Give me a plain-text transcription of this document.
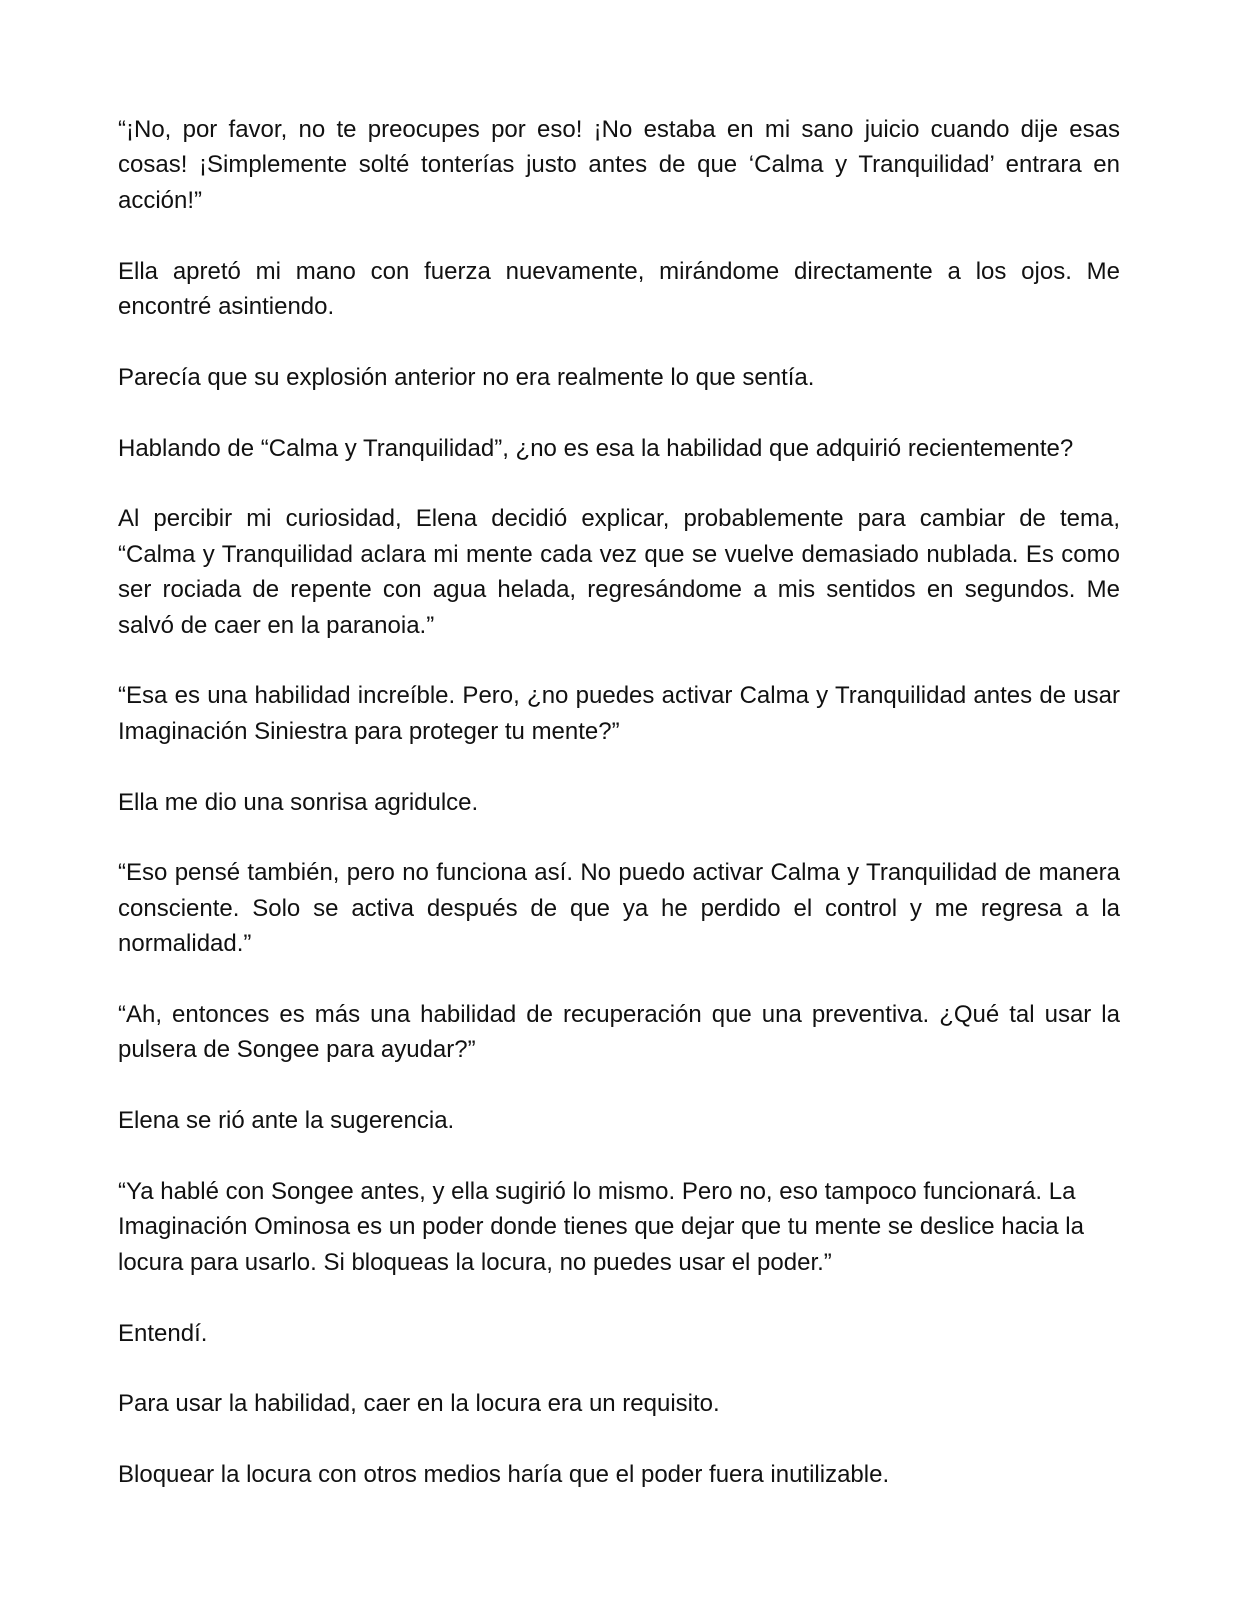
“¡No, por favor, no te preocupes por eso! ¡No estaba en mi sano juicio cuando dije esas cosas! ¡Simplemente solté tonterías justo antes de que ‘Calma y Tranquilidad’ entrara en acción!”

Ella apretó mi mano con fuerza nuevamente, mirándome directamente a los ojos. Me encontré asintiendo.

Parecía que su explosión anterior no era realmente lo que sentía.

Hablando de “Calma y Tranquilidad”, ¿no es esa la habilidad que adquirió recientemente?

Al percibir mi curiosidad, Elena decidió explicar, probablemente para cambiar de tema, “Calma y Tranquilidad aclara mi mente cada vez que se vuelve demasiado nublada. Es como ser rociada de repente con agua helada, regresándome a mis sentidos en segundos. Me salvó de caer en la paranoia.”

“Esa es una habilidad increíble. Pero, ¿no puedes activar Calma y Tranquilidad antes de usar Imaginación Siniestra para proteger tu mente?”

Ella me dio una sonrisa agridulce.

“Eso pensé también, pero no funciona así. No puedo activar Calma y Tranquilidad de manera consciente. Solo se activa después de que ya he perdido el control y me regresa a la normalidad.”

“Ah, entonces es más una habilidad de recuperación que una preventiva. ¿Qué tal usar la pulsera de Songee para ayudar?”

Elena se rió ante la sugerencia.

“Ya hablé con Songee antes, y ella sugirió lo mismo. Pero no, eso tampoco funcionará. La Imaginación Ominosa es un poder donde tienes que dejar que tu mente se deslice hacia la locura para usarlo. Si bloqueas la locura, no puedes usar el poder.”

Entendí.

Para usar la habilidad, caer en la locura era un requisito.

Bloquear la locura con otros medios haría que el poder fuera inutilizable.
